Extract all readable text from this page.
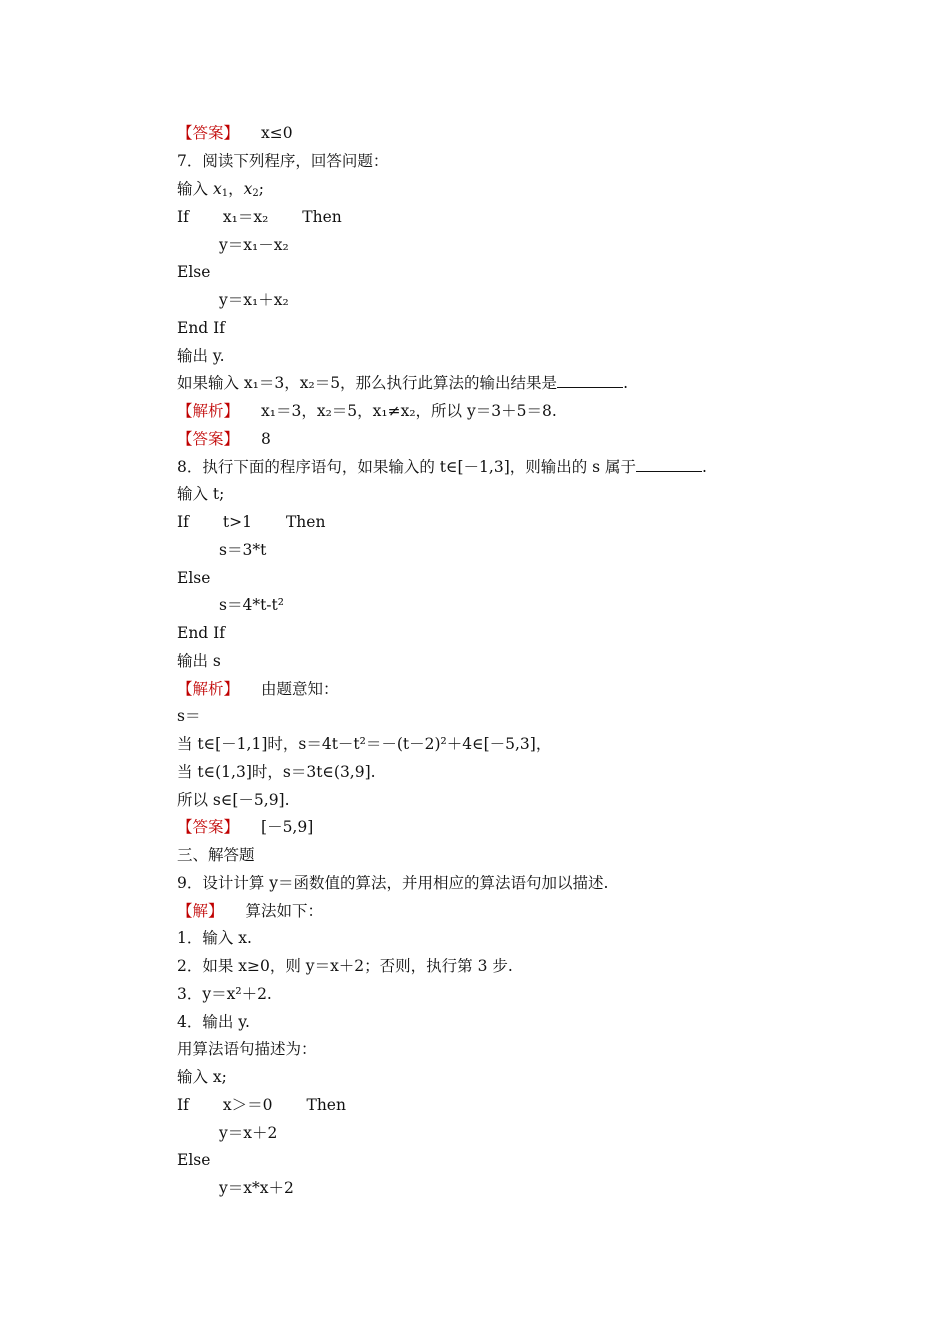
【答案】 x≤0
7．阅读下列程序，回答问题：
输入 $x_1$，$x_2$;
If x₁＝x₂ Then
y＝x₁－x₂
Else
y＝x₁＋x₂
End If
输出 y.
如果输入 x₁＝3，x₂＝5，那么执行此算法的输出结果是	.
【解析】 x₁＝3，x₂＝5，x₁≠x₂，所以 y＝3＋5＝8.
【答案】 8
8．执行下面的程序语句，如果输入的 t∈[－1,3]，则输出的 s 属于	.
输入 t;
If t>1 Then
s＝3*t
Else
s＝4*t-t²
End If
输出 s
【解析】 由题意知：
s＝
当 t∈[－1,1]时，s＝4t－t²＝－(t－2)²＋4∈[－5,3]，
当 t∈(1,3]时，s＝3t∈(3,9].
所以 s∈[－5,9].
【答案】 [－5,9]
三、解答题
9．设计计算 y＝函数值的算法，并用相应的算法语句加以描述.
【解】 算法如下：
1．输入 x.
2．如果 x≥0，则 y＝x＋2；否则，执行第 3 步.
3．y＝x²＋2.
4．输出 y.
用算法语句描述为：
输入 x;
If x＞＝0 Then
y＝x＋2
Else
y＝x*x＋2
